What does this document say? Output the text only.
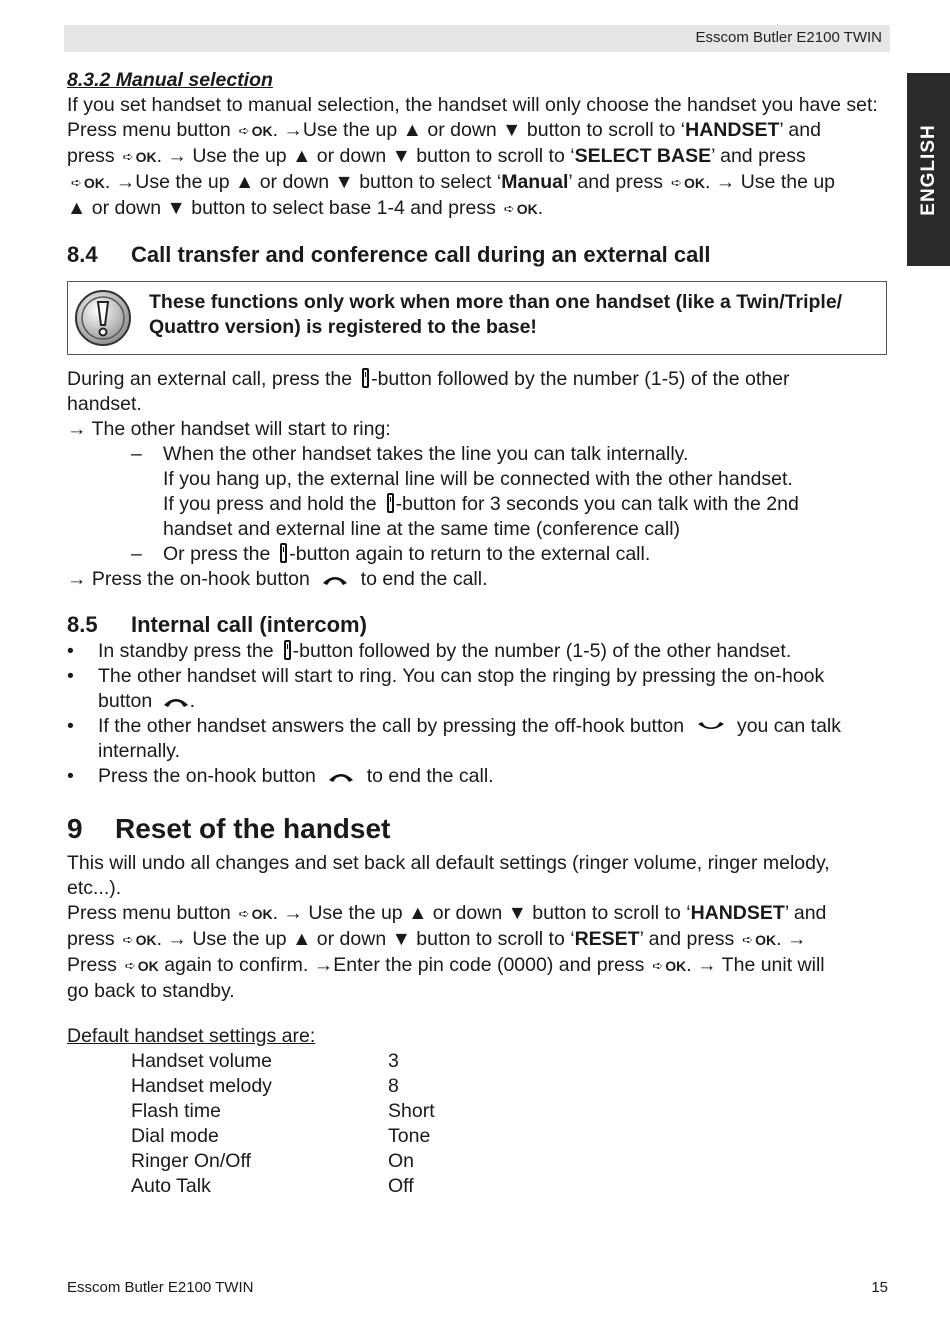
Esscom Butler E2100 TWIN
ENGLISH
8.3.2 Manual selection
If you set handset to manual selection, the handset will only choose the handset you have set:
Press menu button ➪ OK. →Use the up ▲ or down ▼ button to scroll to ‘HANDSET’ and
press ➪ OK. → Use the up ▲ or down ▼ button to scroll to ‘SELECT BASE’ and press
➪ OK. →Use the up ▲ or down ▼ button to select ‘Manual’ and press ➪ OK. → Use the up
▲ or down ▼ button to select base 1-4 and press ➪ OK.
8.4	Call transfer and conference call during an external call
These functions only work when more than one handset (like a Twin/Triple/ Quattro version) is registered to the base!
During an external call, press the -button followed by the number (1-5) of the other
handset.
→ The other handset will start to ring:
– When the other handset takes the line you can talk internally.
If you hang up, the external line will be connected with the other handset.
If you press and hold the -button for 3 seconds you can talk with the 2nd
handset and external line at the same time (conference call)
– Or press the -button again to return to the external call.
→ Press the on-hook button	to end the call.
8.5	Internal call (intercom)
• In standby press the -button followed by the number (1-5) of the other handset.
• The other handset will start to ring. You can stop the ringing by pressing the on-hook
button .
• If the other handset answers the call by pressing the off-hook button	you can talk
internally.
• Press the on-hook button	to end the call.
9	Reset of the handset
This will undo all changes and set back all default settings (ringer volume, ringer melody, etc...).
Press menu button ➪ OK. → Use the up ▲ or down ▼ button to scroll to ‘HANDSET’ and
press ➪ OK. → Use the up ▲ or down ▼ button to scroll to ‘RESET’ and press ➪ OK. →
Press ➪ OK again to confirm. →Enter the pin code (0000) and press ➪ OK. → The unit will
go back to standby.
Default handset settings are:
Handset volume	3
Handset melody	8
Flash time	Short
Dial mode	Tone
Ringer On/Off	On
Auto Talk	Off
Esscom Butler E2100 TWIN	15
